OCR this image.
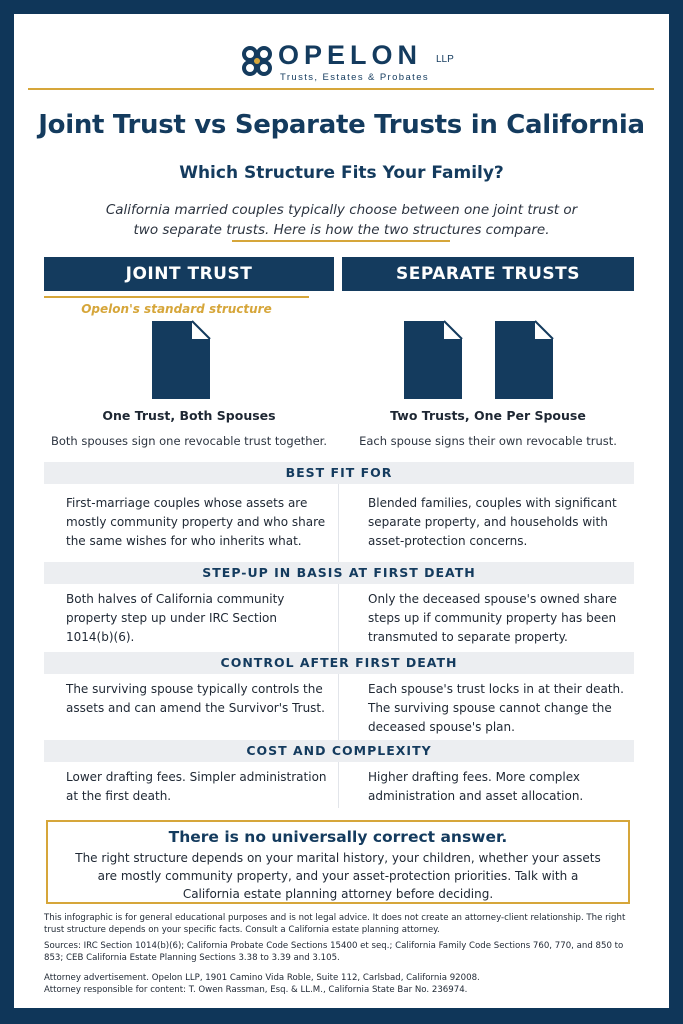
OPELON LLP
Trusts, Estates & Probates
Joint Trust vs Separate Trusts in California
Which Structure Fits Your Family?
California married couples typically choose between one joint trust or two separate trusts. Here is how the two structures compare.
JOINT TRUST	SEPARATE TRUSTS
Opelon's standard structure
One Trust, Both Spouses
Both spouses sign one revocable trust together.
Two Trusts, One Per Spouse
Each spouse signs their own revocable trust.
BEST FIT FOR
First-marriage couples whose assets are mostly community property and who share the same wishes for who inherits what.
Blended families, couples with significant separate property, and households with asset-protection concerns.
STEP-UP IN BASIS AT FIRST DEATH
Both halves of California community property step up under IRC Section 1014(b)(6).
Only the deceased spouse's owned share steps up if community property has been transmuted to separate property.
CONTROL AFTER FIRST DEATH
The surviving spouse typically controls the assets and can amend the Survivor's Trust.
Each spouse's trust locks in at their death. The surviving spouse cannot change the deceased spouse's plan.
COST AND COMPLEXITY
Lower drafting fees. Simpler administration at the first death.
Higher drafting fees. More complex administration and asset allocation.
There is no universally correct answer.
The right structure depends on your marital history, your children, whether your assets are mostly community property, and your asset-protection priorities. Talk with a California estate planning attorney before deciding.
This infographic is for general educational purposes and is not legal advice. It does not create an attorney-client relationship. The right trust structure depends on your specific facts. Consult a California estate planning attorney.
Sources: IRC Section 1014(b)(6); California Probate Code Sections 15400 et seq.; California Family Code Sections 760, 770, and 850 to 853; CEB California Estate Planning Sections 3.38 to 3.39 and 3.105.
Attorney advertisement. Opelon LLP, 1901 Camino Vida Roble, Suite 112, Carlsbad, California 92008.
Attorney responsible for content: T. Owen Rassman, Esq. & LL.M., California State Bar No. 236974.
